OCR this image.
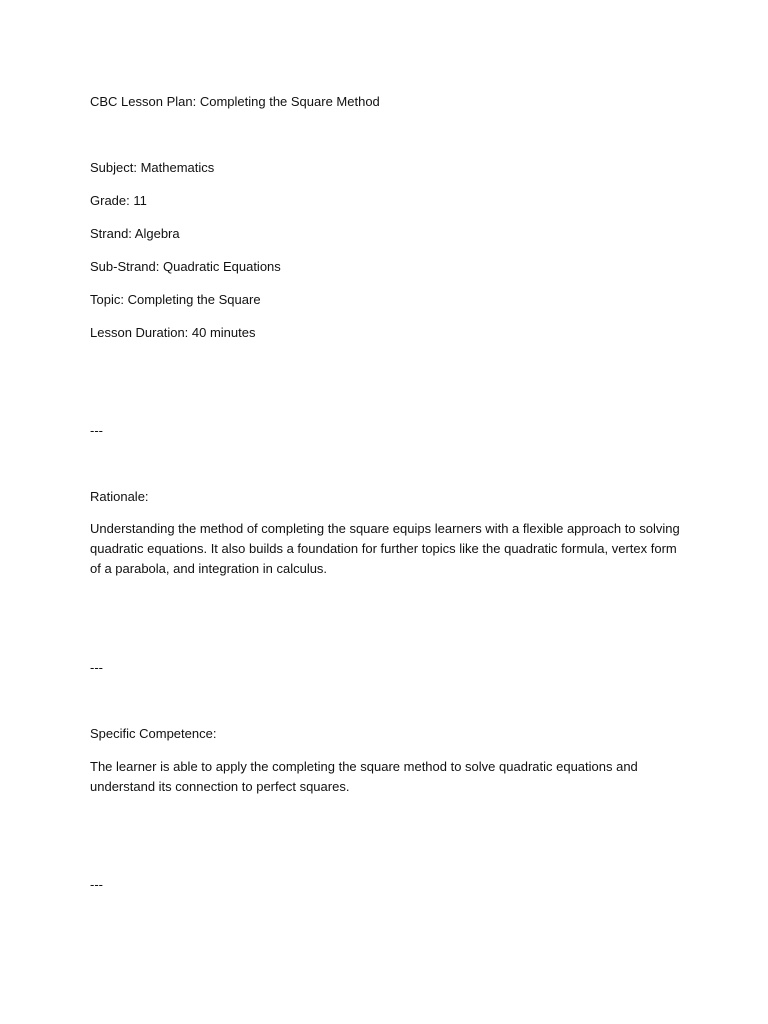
CBC Lesson Plan: Completing the Square Method

Subject: Mathematics

Grade: 11

Strand: Algebra

Sub-Strand: Quadratic Equations

Topic: Completing the Square

Lesson Duration: 40 minutes

---

Rationale:

Understanding the method of completing the square equips learners with a flexible approach to solving
quadratic equations. It also builds a foundation for further topics like the quadratic formula, vertex form
of a parabola, and integration in calculus.

---

Specific Competence:

The learner is able to apply the completing the square method to solve quadratic equations and
understand its connection to perfect squares.

---
